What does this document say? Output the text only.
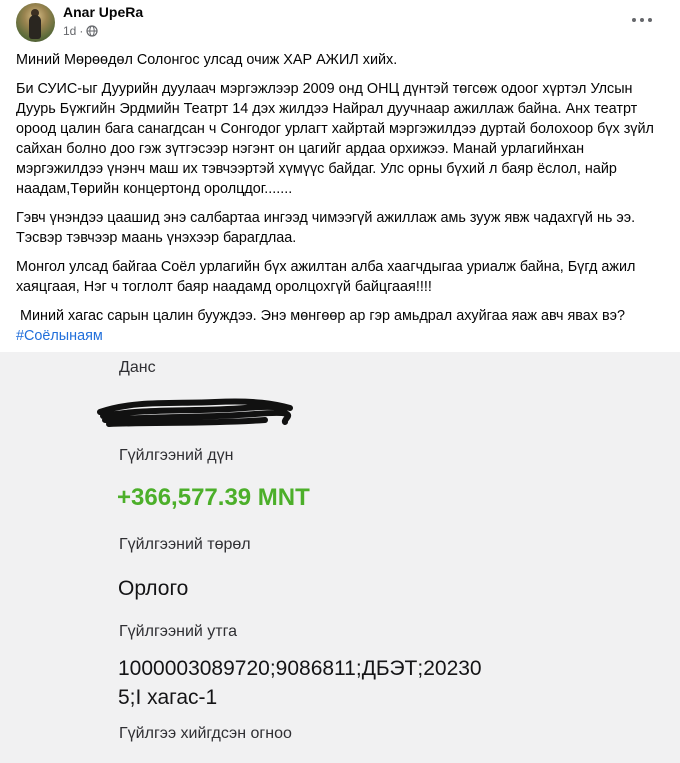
Anar UpeRa
1d ·

Миний Мөрөөдөл Солонгос улсад очиж ХАР АЖИЛ хийх.

Би СУИС-ыг Дуурийн дуулаач мэргэжлээр 2009 онд ОНЦ дүнтэй төгсөж одоог хүртэл Улсын Дуурь Бүжгийн Эрдмийн Театрт 14 дэх жилдээ Найрал дуучнаар ажиллаж байна. Анх театрт ороод цалин бага санагдсан ч Сонгодог урлагт хайртай мэргэжилдээ дуртай болохоор бүх зүйл сайхан болно доо гэж зүтгэсээр нэгэнт он цагийг ардаа орхижээ. Манай урлагийнхан мэргэжилдээ үнэнч маш их тэвчээртэй хүмүүс байдаг. Улс орны бүхий л баяр ёслол, найр наадам,Төрийн концертонд оролцдог.......

Гэвч үнэндээ цаашид энэ салбартаа ингээд чимээгүй ажиллаж амь зууж явж чадахгүй нь ээ. Тэсвэр тэвчээр маань үнэхээр барагдлаа.

Монгол улсад байгаа Соёл урлагийн бүх ажилтан алба хаагчдыгаа уриалж байна, Бүгд ажил хаяцгаая, Нэг ч тоглолт баяр наадамд оролцохгүй байцгаая!!!!

Миний хагас сарын цалин бууждээ. Энэ мөнгөөр ар гэр амьдрал ахуйгаа яаж авч явах вэ?
#Соёлынаям

Данс
Гүйлгээний дүн
+366,577.39 MNT
Гүйлгээний төрөл
Орлого
Гүйлгээний утга
1000003089720;9086811;ДБЭТ;20230
5;I хагас-1
Гүйлгээ хийгдсэн огноо
